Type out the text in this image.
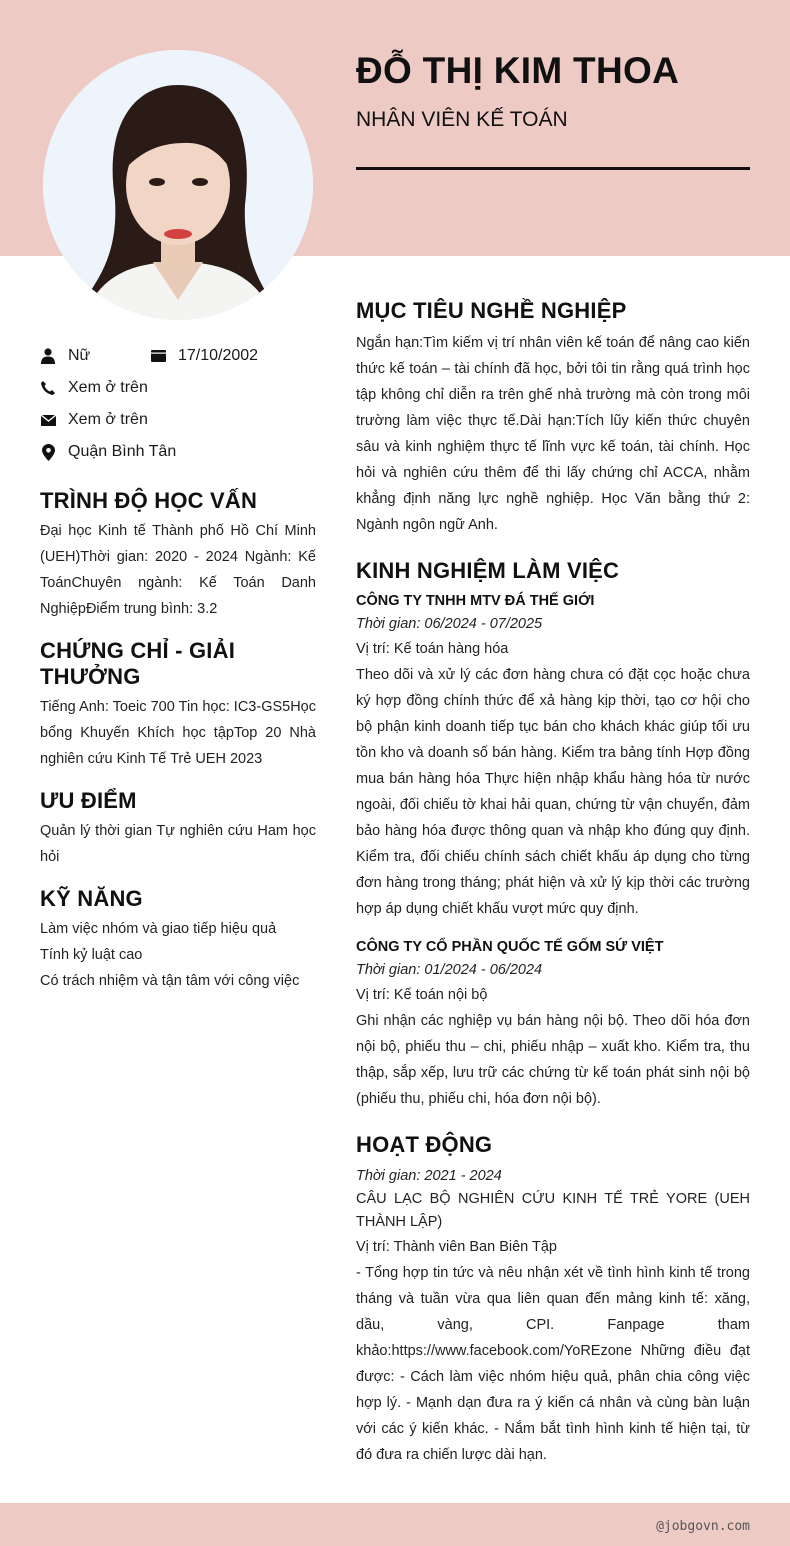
ĐỖ THỊ KIM THOA
NHÂN VIÊN KẾ TOÁN
Nữ	17/10/2002
Xem ở trên
Xem ở trên
Quận Bình Tân
TRÌNH ĐỘ HỌC VẤN
Đại học Kinh tế Thành phố Hồ Chí Minh (UEH)Thời gian: 2020 - 2024 Ngành: Kế ToánChuyên ngành: Kế Toán Danh NghiệpĐiểm trung bình: 3.2
CHỨNG CHỈ - GIẢI THƯỞNG
Tiếng Anh: Toeic 700 Tin học: IC3-GS5Học bổng Khuyến Khích học tậpTop 20 Nhà nghiên cứu Kinh Tế Trẻ UEH 2023
ƯU ĐIỂM
Quản lý thời gian Tự nghiên cứu Ham học hỏi
KỸ NĂNG
Làm việc nhóm và giao tiếp hiệu quả
Tính kỷ luật cao
Có trách nhiệm và tận tâm với công việc
MỤC TIÊU NGHỀ NGHIỆP
Ngắn hạn:Tìm kiếm vị trí nhân viên kế toán để nâng cao kiến thức kế toán – tài chính đã học, bởi tôi tin rằng quá trình học tập không chỉ diễn ra trên ghế nhà trường mà còn trong môi trường làm việc thực tế.Dài hạn:Tích lũy kiến thức chuyên sâu và kinh nghiệm thực tế lĩnh vực kế toán, tài chính. Học hỏi và nghiên cứu thêm để thi lấy chứng chỉ ACCA, nhằm khẳng định năng lực nghề nghiệp. Học Văn bằng thứ 2: Ngành ngôn ngữ Anh.
KINH NGHIỆM LÀM VIỆC
CÔNG TY TNHH MTV ĐÁ THẾ GIỚI
Thời gian: 06/2024 - 07/2025
Vị trí: Kế toán hàng hóa
Theo dõi và xử lý các đơn hàng chưa có đặt cọc hoặc chưa ký hợp đồng chính thức để xả hàng kịp thời, tạo cơ hội cho bộ phận kinh doanh tiếp tục bán cho khách khác giúp tối ưu tồn kho và doanh số bán hàng. Kiểm tra bảng tính Hợp đồng mua bán hàng hóa Thực hiện nhập khẩu hàng hóa từ nước ngoài, đối chiếu tờ khai hải quan, chứng từ vận chuyển, đảm bảo hàng hóa được thông quan và nhập kho đúng quy định. Kiểm tra, đối chiếu chính sách chiết khấu áp dụng cho từng đơn hàng trong tháng; phát hiện và xử lý kịp thời các trường hợp áp dụng chiết khấu vượt mức quy định.
CÔNG TY CỔ PHẦN QUỐC TẾ GỐM SỨ VIỆT
Thời gian: 01/2024 - 06/2024
Vị trí: Kế toán nội bộ
Ghi nhận các nghiệp vụ bán hàng nội bộ. Theo dõi hóa đơn nội bộ, phiếu thu – chi, phiếu nhập – xuất kho. Kiểm tra, thu thập, sắp xếp, lưu trữ các chứng từ kế toán phát sinh nội bộ (phiếu thu, phiếu chi, hóa đơn nội bộ).
HOẠT ĐỘNG
Thời gian: 2021 - 2024
CÂU LẠC BỘ NGHIÊN CỨU KINH TẾ TRẺ YORE (UEH THÀNH LẬP)
Vị trí: Thành viên Ban Biên Tập
- Tổng hợp tin tức và nêu nhận xét về tình hình kinh tế trong tháng và tuần vừa qua liên quan đến mảng kinh tế: xăng, dầu, vàng, CPI. Fanpage tham khảo:https://www.facebook.com/YoREzone Những điều đạt được: - Cách làm việc nhóm hiệu quả, phân chia công việc hợp lý. - Mạnh dạn đưa ra ý kiến cá nhân và cùng bàn luận với các ý kiến khác. - Nắm bắt tình hình kinh tế hiện tại, từ đó đưa ra chiến lược dài hạn.
@jobgovn.com
